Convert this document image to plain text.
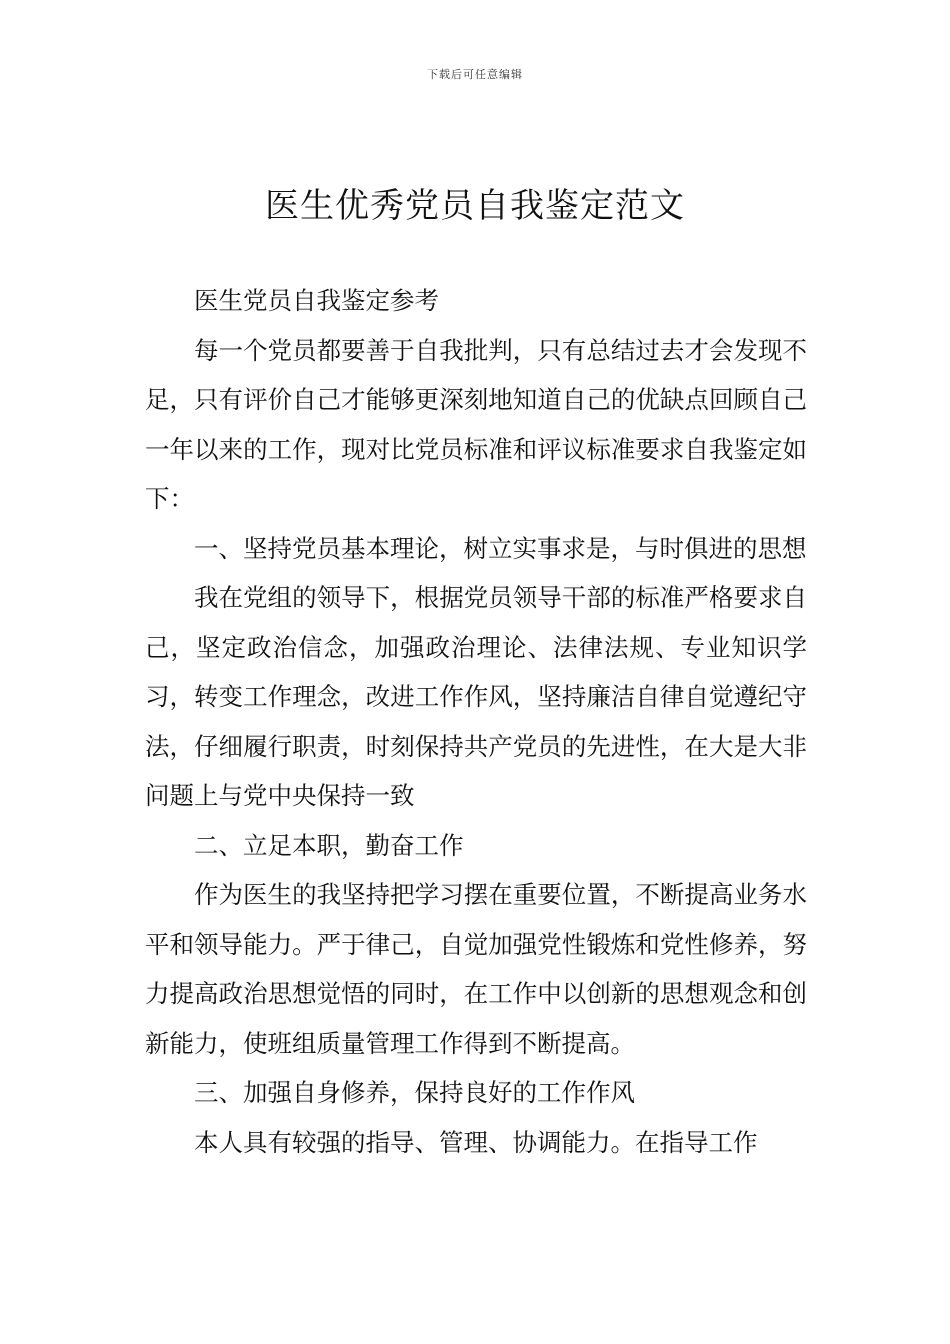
下载后可任意编辑
医生优秀党员自我鉴定范文

医生党员自我鉴定参考

每一个党员都要善于自我批判，只有总结过去才会发现不足，只有评价自己才能够更深刻地知道自己的优缺点回顾自己一年以来的工作，现对比党员标准和评议标准要求自我鉴定如下：

一、坚持党员基本理论，树立实事求是，与时俱进的思想

我在党组的领导下，根据党员领导干部的标准严格要求自己，坚定政治信念，加强政治理论、法律法规、专业知识学习，转变工作理念，改进工作作风，坚持廉洁自律自觉遵纪守法，仔细履行职责，时刻保持共产党员的先进性，在大是大非问题上与党中央保持一致

二、立足本职，勤奋工作

作为医生的我坚持把学习摆在重要位置，不断提高业务水平和领导能力。严于律己，自觉加强党性锻炼和党性修养，努力提高政治思想觉悟的同时，在工作中以创新的思想观念和创新能力，使班组质量管理工作得到不断提高。

三、加强自身修养，保持良好的工作作风

本人具有较强的指导、管理、协调能力。在指导工作
